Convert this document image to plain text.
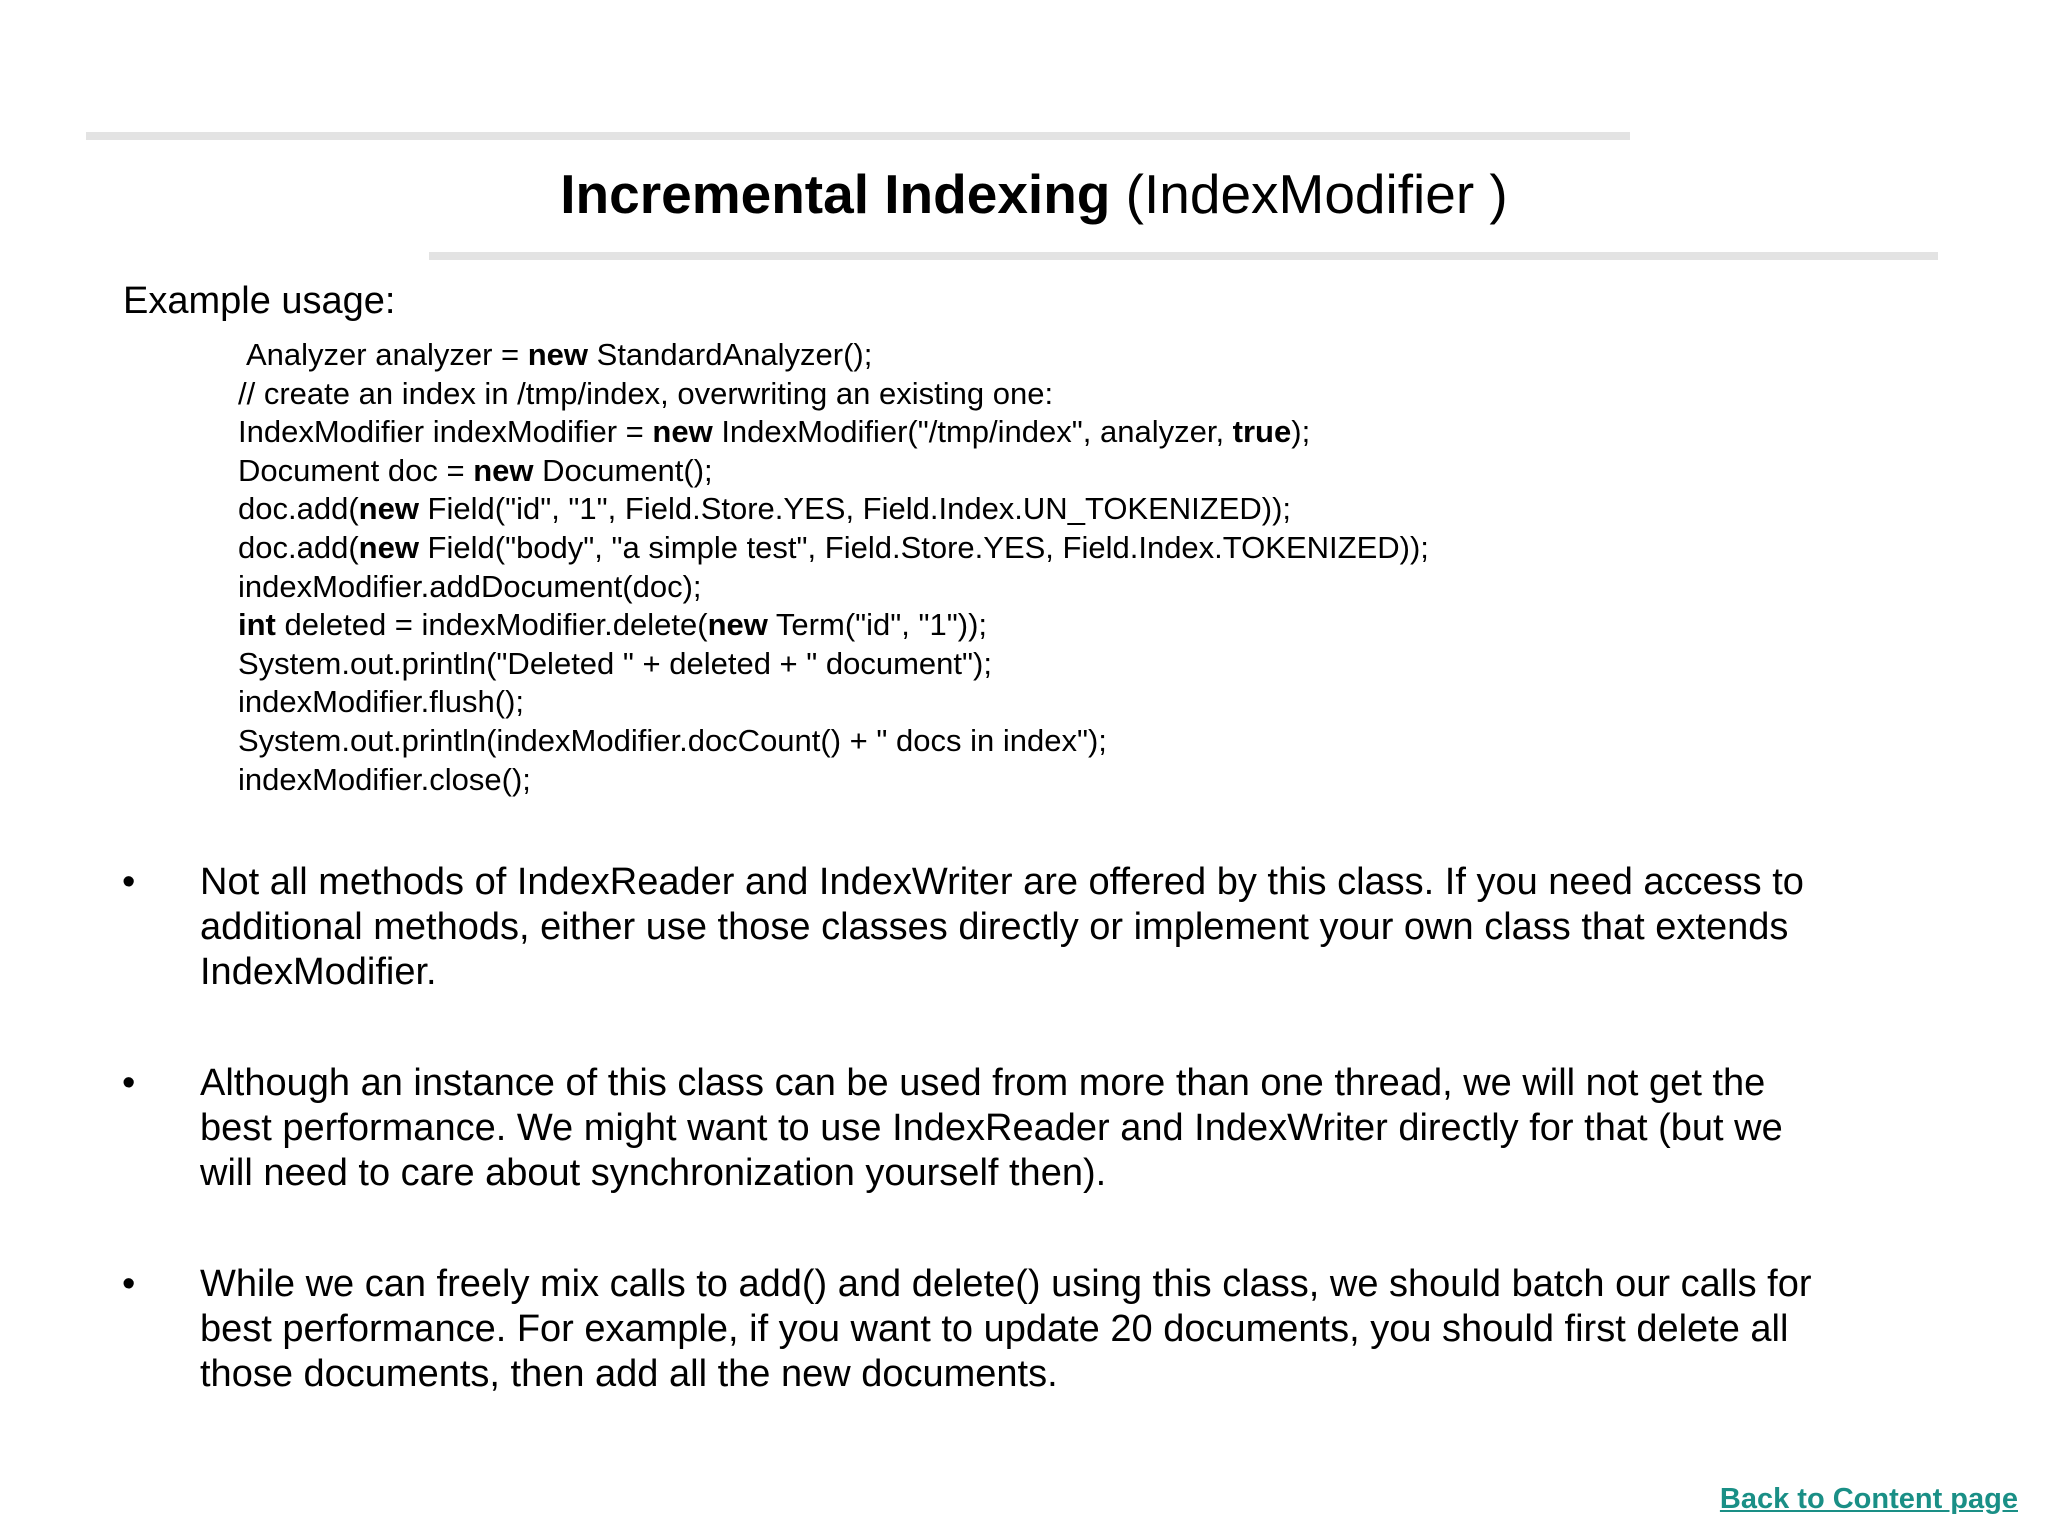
Incremental Indexing (IndexModifier )
Example usage:
Analyzer analyzer = new StandardAnalyzer();
// create an index in /tmp/index, overwriting an existing one:
IndexModifier indexModifier = new IndexModifier("/tmp/index", analyzer, true);
Document doc = new Document();
doc.add(new Field("id", "1", Field.Store.YES, Field.Index.UN_TOKENIZED));
doc.add(new Field("body", "a simple test", Field.Store.YES, Field.Index.TOKENIZED));
indexModifier.addDocument(doc);
int deleted = indexModifier.delete(new Term("id", "1"));
System.out.println("Deleted " + deleted + " document");
indexModifier.flush();
System.out.println(indexModifier.docCount() + " docs in index");
indexModifier.close();
• Not all methods of IndexReader and IndexWriter are offered by this class. If you need access to
additional methods, either use those classes directly or implement your own class that extends
IndexModifier.
• Although an instance of this class can be used from more than one thread, we will not get the
best performance. We might want to use IndexReader and IndexWriter directly for that (but we
will need to care about synchronization yourself then).
• While we can freely mix calls to add() and delete() using this class, we should batch our calls for
best performance. For example, if you want to update 20 documents, you should first delete all
those documents, then add all the new documents.
Back to Content page
